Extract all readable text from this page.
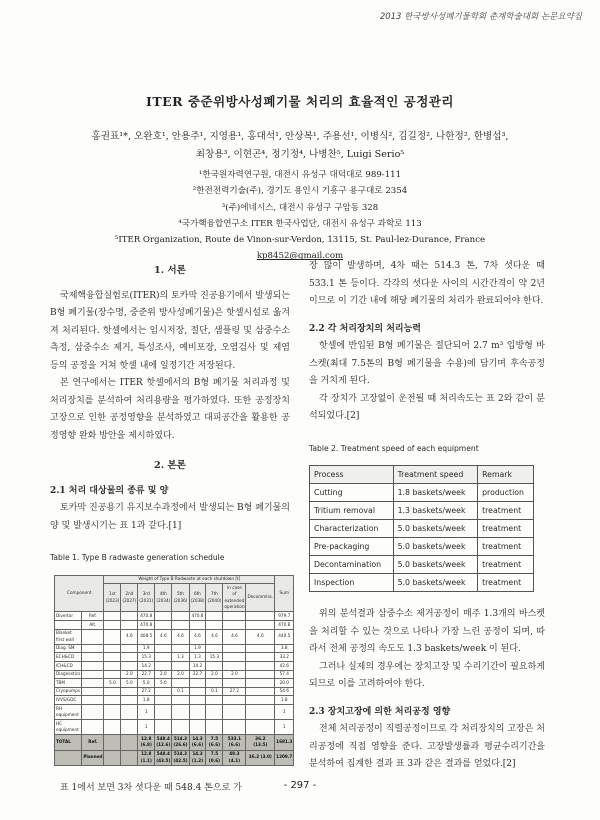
2013 한국방사성폐기물학회 춘계학술대회 논문요약집
ITER 중준위방사성폐기물 처리의 효율적인 공정관리
홍권표¹*, 오완호¹, 안용주¹, 지영용¹, 홍대석¹, 안상복¹, 주용선¹, 이병식², 김길정², 나한정², 한병섭³,
최창용³, 이현곤⁴, 정기정⁴, 나병찬⁵, Luigi Serio⁵
¹한국원자력연구원, 대전시 유성구 대덕대로 989-111
²한전전력기술(주), 경기도 용인시 기흥구 용구대로 2354
³(주)에네시스, 대전시 유성구 구암동 328
⁴국가핵융합연구소 ITER 한국사업단, 대전시 유성구 과학로 113
⁵ITER Organization, Route de Vinon-sur-Verdon, 13115, St. Paul-lez-Durance, France
kp8452@gmail.com
1. 서론

국제핵융합실험로(ITER)의 토카막 진공용기에서 발생되는 B형 폐기물(장수명, 중준위 방사성폐기물)은 핫셀시설로 옮겨져 처리된다. 핫셀에서는 임시저장, 절단, 샘플링 및 삼중수소 측정, 삼중수소 제거, 특성조사, 예비포장, 오염검사 및 제염 등의 공정을 거쳐 핫셀 내에 일정기간 저장된다.

본 연구에서는 ITER 핫셀에서의 B형 폐기물 처리과정 및 처리장치를 분석하여 처리용량을 평가하였다. 또한 공정장치 고장으로 인한 공정영향을 분석하였고 대피공간을 활용한 공정영향 완화 방안을 제시하였다.

2. 본론
2.1 처리 대상물의 종류 및 양

토카막 진공용기 유지보수과정에서 발생되는 B형 폐기물의 양 및 발생시기는 표 1과 같다.[1]

Table 1. Type B radwaste generation schedule
Component		Weight of Type B Radwaste at each shutdown [t]									Sum
		1st (2023)	2nd (2027)	3rd (2031)	4th (2034)	5th (2036)	6th (2038)	7th (2040)	In case of extended operation	Decommiss.	
Divertor	Ref.			470.8			470.8				979.7
	Alt.			470.8							470.8
Blanket first wall			4.6	408.5	4.6	4.6	4.6	4.6	4.6	4.6	440.5
Diag. SM				1.9			1.9				3.8
ECH&CD				15.3		1.3	1.3	15.3			33.2
ICH&CD				14.2			14.2				42.6
Diagnostics			2.0	22.7	2.0	2.0	22.7	2.0	2.0		57.4
TBM		5.0	5.0	5.0	5.0						20.0
Cryopumps				27.2		0.1		0.1	27.2		54.6
IVVS/GDC				1.8							1.8
RH equipment				1							1
HC equipment				1							1
TOTAL	Ref.			12.8 (6.8)	548.4 (12.6)	514.3 (26.6)	14.3 (6.6)	7.5 (6.6)	533.1 (6.6)	36.2 (13.5)	1681.3
	Planned			12.8 (1.1)	548.4 (43.5)	514.3 (42.5)	14.3 (1.2)	7.5 (0.6)	49.3 (4.1)	36.2 (3.0)	1209.7

표 1에서 보면 3차 셧다운 때 548.4 톤으로 가

장 많이 발생하며, 4차 때는 514.3 톤, 7차 셧다운 때 533.1 톤 등이다. 각각의 셧다운 사이의 시간간격이 약 2년이므로 이 기간 내에 해당 폐기물의 처리가 완료되어야 한다.

2.2 각 처리장치의 처리능력

핫셀에 반입된 B형 폐기물은 절단되어 2.7 m³ 입방형 바스켓(최대 7.5톤의 B형 폐기물을 수용)에 담기며 후속공정을 거치게 된다.

각 장치가 고장없이 운전될 때 처리속도는 표 2와 같이 분석되었다.[2]

Table 2. Treatment speed of each equipment
Process	Treatment speed	Remark
Cutting	1.8 baskets/week	production
Tritium removal	1.3 baskets/week	treatment
Characterization	5.0 baskets/week	treatment
Pre-packaging	5.0 baskets/week	treatment
Decontamination	5.0 baskets/week	treatment
Inspection	5.0 baskets/week	treatment

위의 분석결과 삼중수소 제거공정이 매주 1.3개의 바스켓을 처리할 수 있는 것으로 나타나 가장 느린 공정이 되며, 따라서 전체 공정의 속도도 1.3 baskets/week 이 된다.

그러나 실제의 경우에는 장치고장 및 수리기간이 필요하게 되므로 이를 고려하여야 한다.

2.3 장치고장에 의한 처리공정 영향

전체 처리공정이 직렬공정이므로 각 처리장치의 고장은 처리공정에 직접 영향을 준다. 고장발생률과 평균수리기간을 분석하여 집계한 결과 표 3과 같은 결과를 얻었다.[2]

- 297 -
